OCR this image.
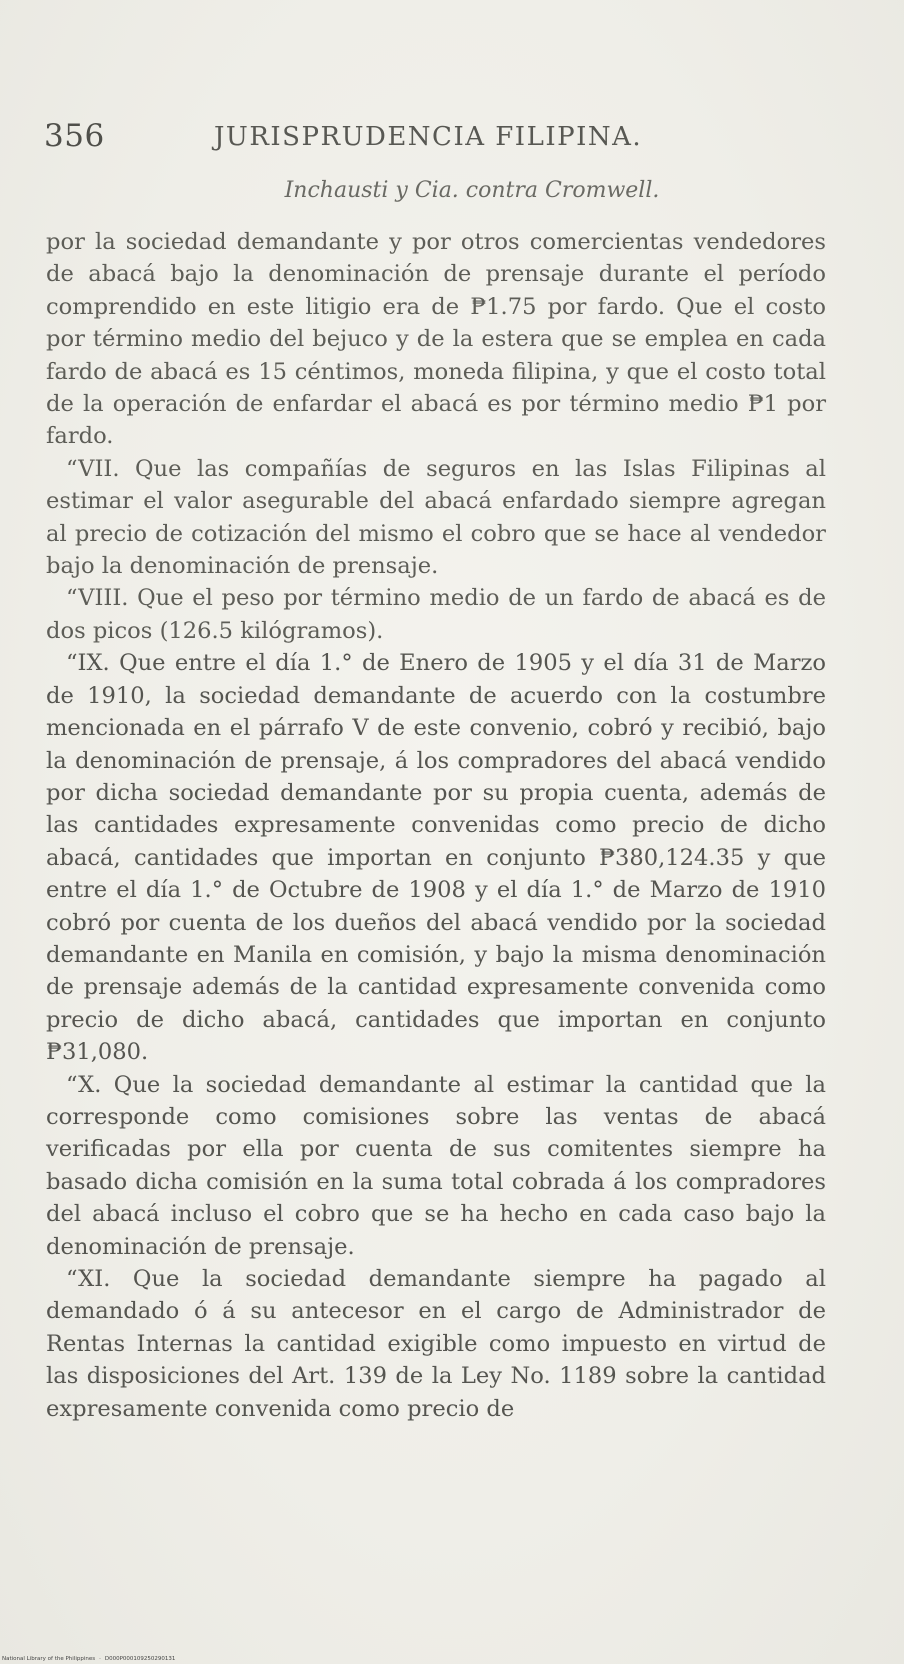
356	JURISPRUDENCIA FILIPINA.
Inchausti y Cia. contra Cromwell.

por la sociedad demandante y por otros comercientas vendedores de abacá bajo la denominación de prensaje durante el período comprendido en este litigio era de ₱1.75 por fardo. Que el costo por término medio del bejuco y de la estera que se emplea en cada fardo de abacá es 15 céntimos, moneda filipina, y que el costo total de la operación de enfardar el abacá es por término medio ₱1 por fardo.

“VII. Que las compañías de seguros en las Islas Filipinas al estimar el valor asegurable del abacá enfardado siempre agregan al precio de cotización del mismo el cobro que se hace al vendedor bajo la denominación de prensaje.

“VIII. Que el peso por término medio de un fardo de abacá es de dos picos (126.5 kilógramos).

“IX. Que entre el día 1.° de Enero de 1905 y el día 31 de Marzo de 1910, la sociedad demandante de acuerdo con la costumbre mencionada en el párrafo V de este convenio, cobró y recibió, bajo la denominación de prensaje, á los compradores del abacá vendido por dicha sociedad demandante por su propia cuenta, además de las cantidades expresamente convenidas como precio de dicho abacá, cantidades que importan en conjunto ₱380,124.35 y que entre el día 1.° de Octubre de 1908 y el día 1.° de Marzo de 1910 cobró por cuenta de los dueños del abacá vendido por la sociedad demandante en Manila en comisión, y bajo la misma denominación de prensaje además de la cantidad expresamente convenida como precio de dicho abacá, cantidades que importan en conjunto ₱31,080.

“X. Que la sociedad demandante al estimar la cantidad que la corresponde como comisiones sobre las ventas de abacá verificadas por ella por cuenta de sus comitentes siempre ha basado dicha comisión en la suma total cobrada á los compradores del abacá incluso el cobro que se ha hecho en cada caso bajo la denominación de prensaje.

“XI. Que la sociedad demandante siempre ha pagado al demandado ó á su antecesor en el cargo de Administrador de Rentas Internas la cantidad exigible como impuesto en virtud de las disposiciones del Art. 139 de la Ley No. 1189 sobre la cantidad expresamente convenida como precio de

National Library of the Philippines · D000P000109250290131
